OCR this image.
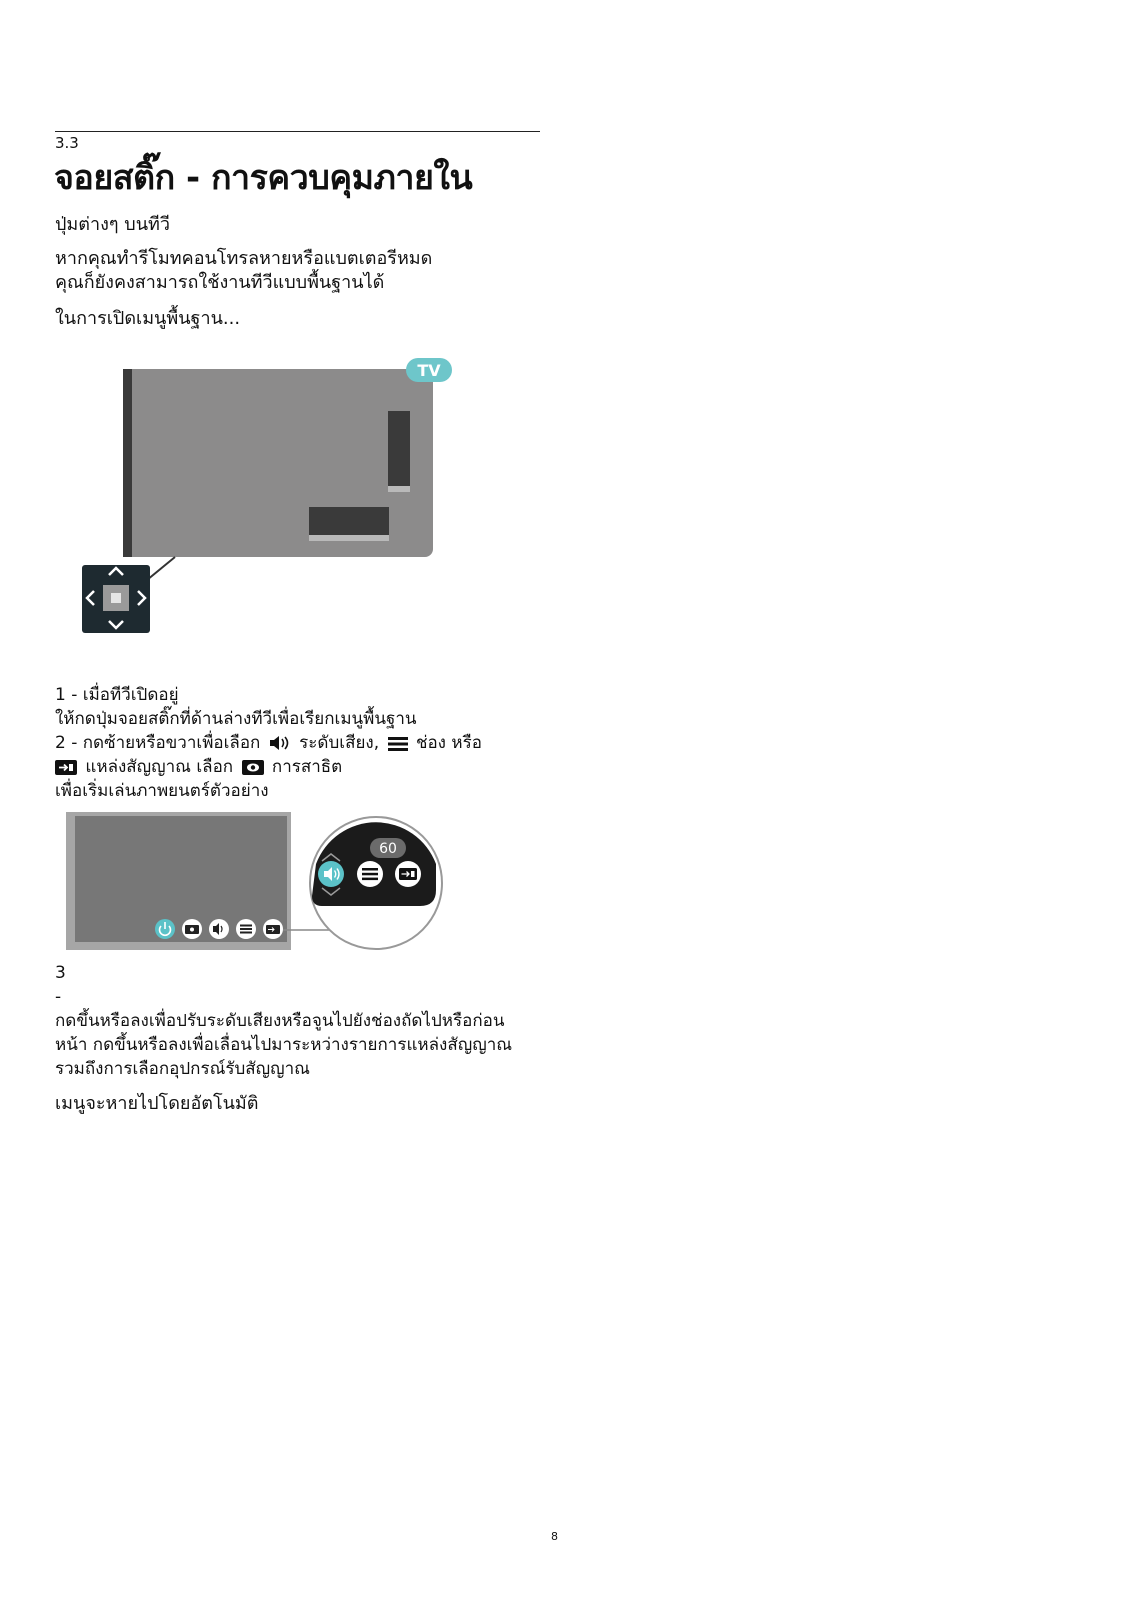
3.3
จอยสติ๊ก - การควบคุมภายใน
ปุ่มต่างๆ บนทีวี
หากคุณทำรีโมทคอนโทรลหายหรือแบตเตอรีหมด
คุณก็ยังคงสามารถใช้งานทีวีแบบพื้นฐานได้
ในการเปิดเมนูพื้นฐาน...
TV
1 - เมื่อทีวีเปิดอยู่
ให้กดปุ่มจอยสติ๊กที่ด้านล่างทีวีเพื่อเรียกเมนูพื้นฐาน
2 - กดซ้ายหรือขวาเพื่อเลือก ระดับเสียง, ช่อง หรือ
แหล่งสัญญาณ เลือก การสาธิต
เพื่อเริ่มเล่นภาพยนตร์ตัวอย่าง
60
3
-
กดขึ้นหรือลงเพื่อปรับระดับเสียงหรือจูนไปยังช่องถัดไปหรือก่อน
หน้า กดขึ้นหรือลงเพื่อเลื่อนไปมาระหว่างรายการแหล่งสัญญาณ
รวมถึงการเลือกอุปกรณ์รับสัญญาณ
เมนูจะหายไปโดยอัตโนมัติ
8
